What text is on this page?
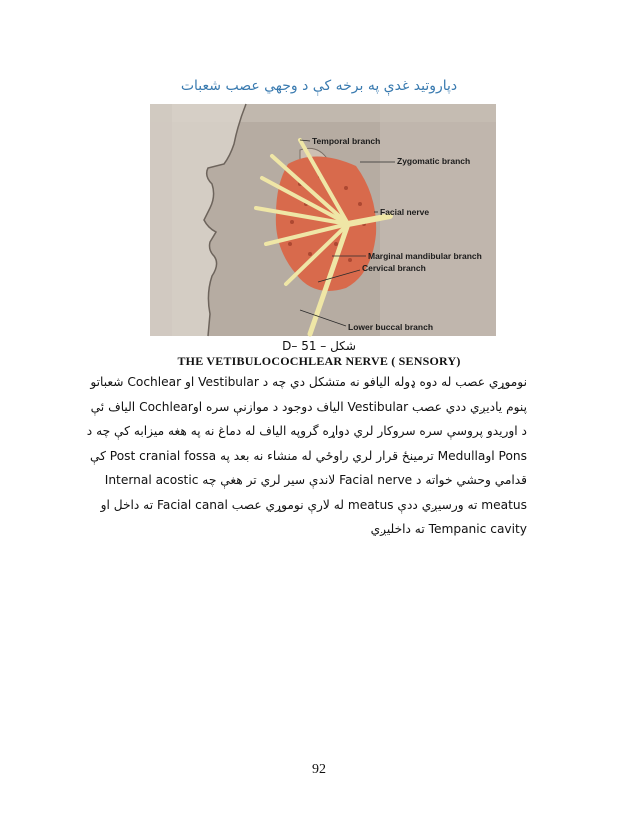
دپاروتيد غدې په برخه کې د وجهي عصب شعبات
Temporal branch
Zygomatic branch
Facial nerve
Marginal mandibular branch
Cervical branch
Lower buccal branch
شکل – 51 –D
THE VETIBULOCOCHLEAR NERVE ( SENSORY)
نوموړي عصب له دوه ډوله اليافو نه متشکل دي چه د Vestibular او Cochlear شعباتو
پنوم ياديږي ددي عصب Vestibular الياف دوجود د موازنې سره اوCochlear الياف ئې
د اوريدو پروسې سره سروکار لري دواړه گروپه الياف له دماغ نه په هغه ميزابه کې چه د
Pons اوMedulla ترمينځ قرار لري راوځي له منشاء نه بعد په Post cranial fossa کې
قدامي وحشي خواته د Facial nerve لاندې سير لري تر هغې چه Internal acostic
meatus ته ورسيږي ددې meatus له لارې نوموړي عصب Facial canal ته داخل او
Tempanic cavity ته داخليږي
92
